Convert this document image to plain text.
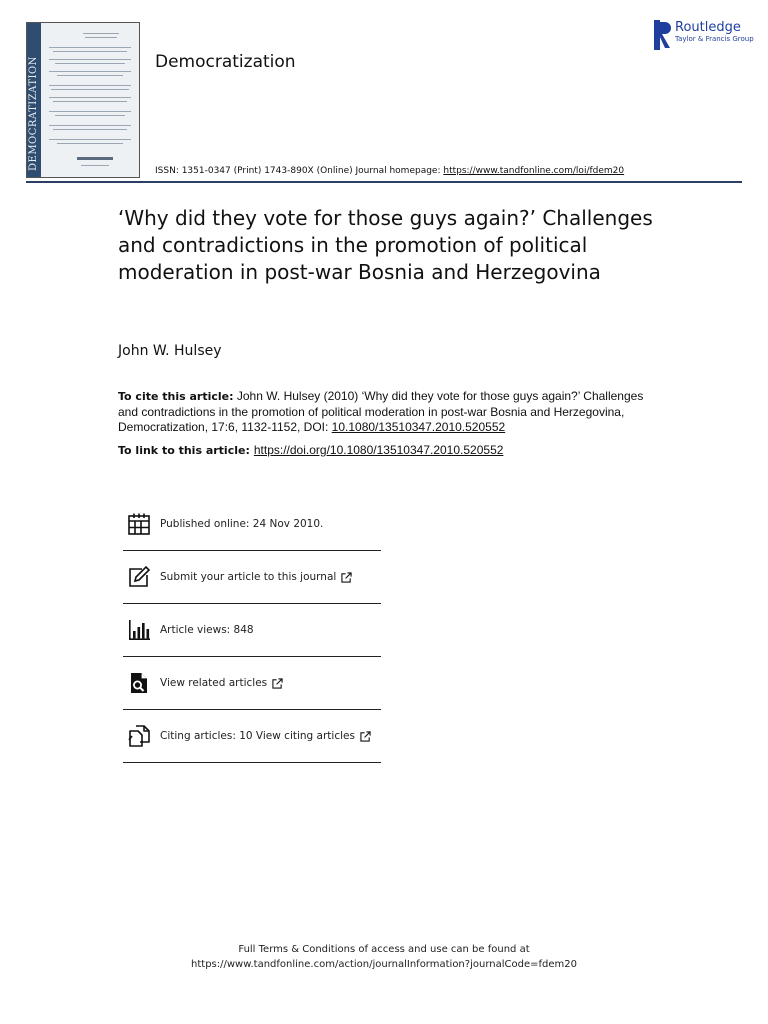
DEMOCRATIZATION	Democratization
Routledge
Taylor & Francis Group
ISSN: 1351-0347 (Print) 1743-890X (Online) Journal homepage: https://www.tandfonline.com/loi/fdem20
‘Why did they vote for those guys again?’ Challenges and contradictions in the promotion of political moderation in post-war Bosnia and Herzegovina
John W. Hulsey
To cite this article: John W. Hulsey (2010) ‘Why did they vote for those guys again?’ Challenges and contradictions in the promotion of political moderation in post-war Bosnia and Herzegovina, Democratization, 17:6, 1132-1152, DOI: 10.1080/13510347.2010.520552
To link to this article: https://doi.org/10.1080/13510347.2010.520552
Published online: 24 Nov 2010.
Submit your article to this journal
Article views: 848
View related articles
Citing articles: 10 View citing articles
Full Terms & Conditions of access and use can be found at
https://www.tandfonline.com/action/journalInformation?journalCode=fdem20
